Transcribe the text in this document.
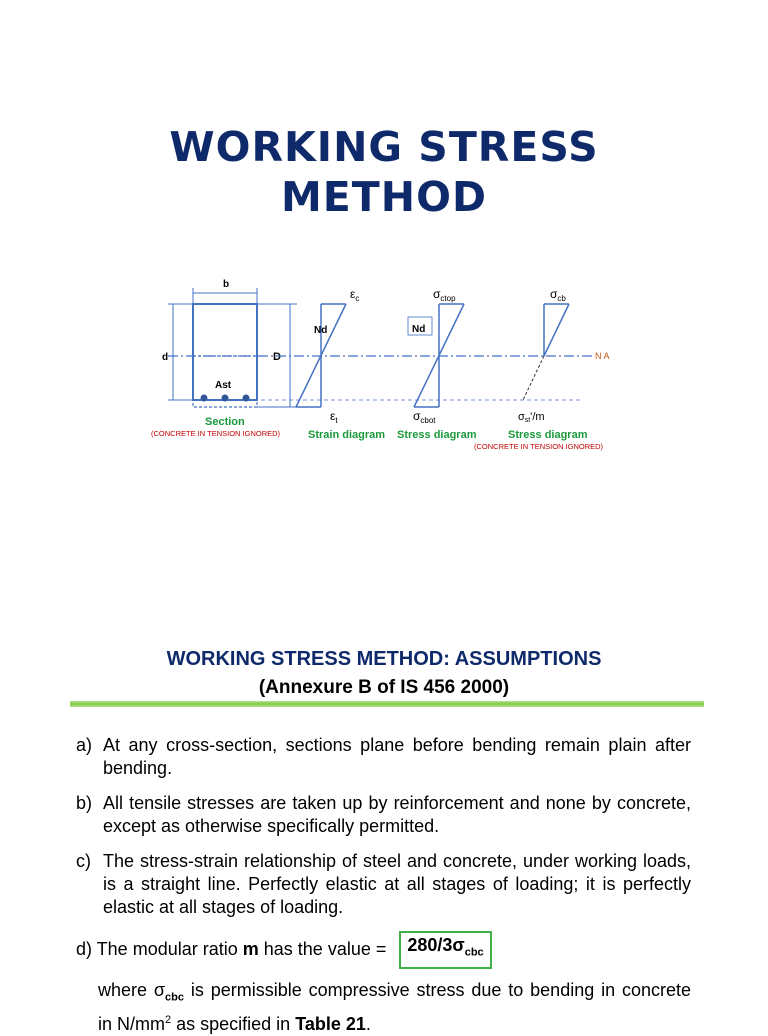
WORKING STRESS
METHOD
b
d	D
Ast
N A
Nd
$\varepsilon_c$
$\varepsilon_t$
Nd
$\sigma_{ctop}$
$\sigma_{cbot}$
$\sigma_{cb}$
σst'/m
Section
(CONCRETE IN TENSION IGNORED)	Strain diagram Stress diagram	Stress diagram
(CONCRETE IN TENSION IGNORED)
WORKING STRESS METHOD: ASSUMPTIONS
(Annexure B of IS 456 2000)
a) At any cross-section, sections plane before bending remain plain after bending.
b) All tensile stresses are taken up by reinforcement and none by concrete, except as otherwise specifically permitted.
c) The stress-strain relationship of steel and concrete, under working loads, is a straight line. Perfectly elastic at all stages of loading; it is perfectly elastic at all stages of loading.
d) The modular ratio m has the value = $280/3\sigma_{cbc}$
where $\sigma_{cbc}$ is permissible compressive stress due to bending in concrete in $N/mm^2$ as specified in Table 21.
